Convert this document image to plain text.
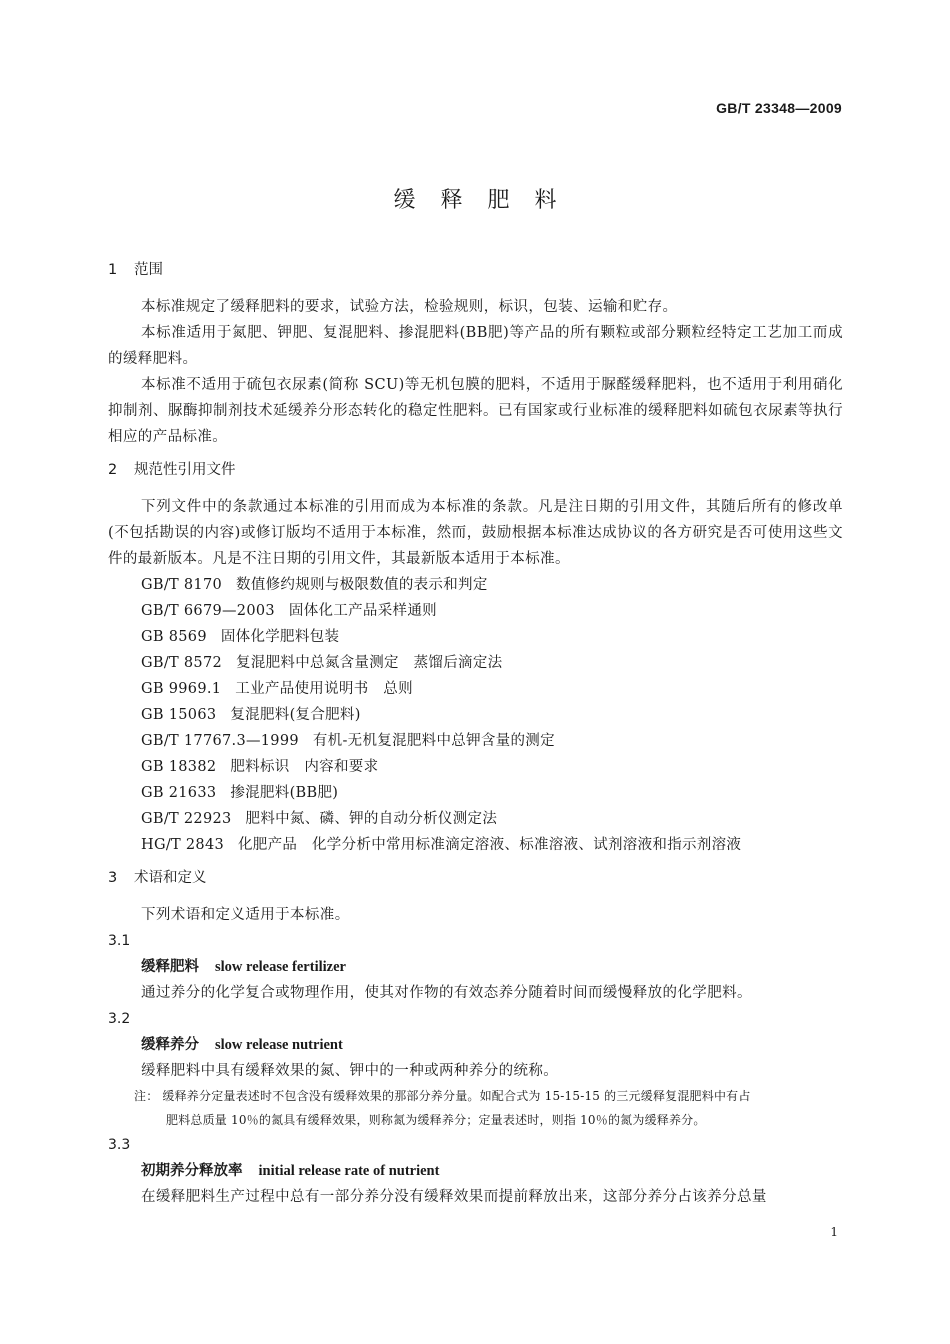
GB/T 23348—2009
缓释肥料
1 范围

本标准规定了缓释肥料的要求，试验方法，检验规则，标识，包装、运输和贮存。

本标准适用于氮肥、钾肥、复混肥料、掺混肥料(BB肥)等产品的所有颗粒或部分颗粒经特定工艺加工而成的缓释肥料。

本标准不适用于硫包衣尿素(简称 SCU)等无机包膜的肥料，不适用于脲醛缓释肥料，也不适用于利用硝化抑制剂、脲酶抑制剂技术延缓养分形态转化的稳定性肥料。已有国家或行业标准的缓释肥料如硫包衣尿素等执行相应的产品标准。

2 规范性引用文件

下列文件中的条款通过本标准的引用而成为本标准的条款。凡是注日期的引用文件，其随后所有的修改单(不包括勘误的内容)或修订版均不适用于本标准，然而，鼓励根据本标准达成协议的各方研究是否可使用这些文件的最新版本。凡是不注日期的引用文件，其最新版本适用于本标准。

GB/T 8170 数值修约规则与极限数值的表示和判定
GB/T 6679—2003 固体化工产品采样通则
GB 8569 固体化学肥料包装
GB/T 8572 复混肥料中总氮含量测定　蒸馏后滴定法
GB 9969.1 工业产品使用说明书　总则
GB 15063 复混肥料(复合肥料)
GB/T 17767.3—1999 有机-无机复混肥料中总钾含量的测定
GB 18382 肥料标识　内容和要求
GB 21633 掺混肥料(BB肥)
GB/T 22923 肥料中氮、磷、钾的自动分析仪测定法
HG/T 2843 化肥产品　化学分析中常用标准滴定溶液、标准溶液、试剂溶液和指示剂溶液
3 术语和定义

下列术语和定义适用于本标准。

3.1
缓释肥料 slow release fertilizer

通过养分的化学复合或物理作用，使其对作物的有效态养分随着时间而缓慢释放的化学肥料。

3.2
缓释养分 slow release nutrient

缓释肥料中具有缓释效果的氮、钾中的一种或两种养分的统称。

注： 缓释养分定量表述时不包含没有缓释效果的那部分养分量。如配合式为 15-15-15 的三元缓释复混肥料中有占
肥料总质量 10％的氮具有缓释效果，则称氮为缓释养分；定量表述时，则指 10％的氮为缓释养分。
3.3
初期养分释放率 initial release rate of nutrient

在缓释肥料生产过程中总有一部分养分没有缓释效果而提前释放出来，这部分养分占该养分总量

1
